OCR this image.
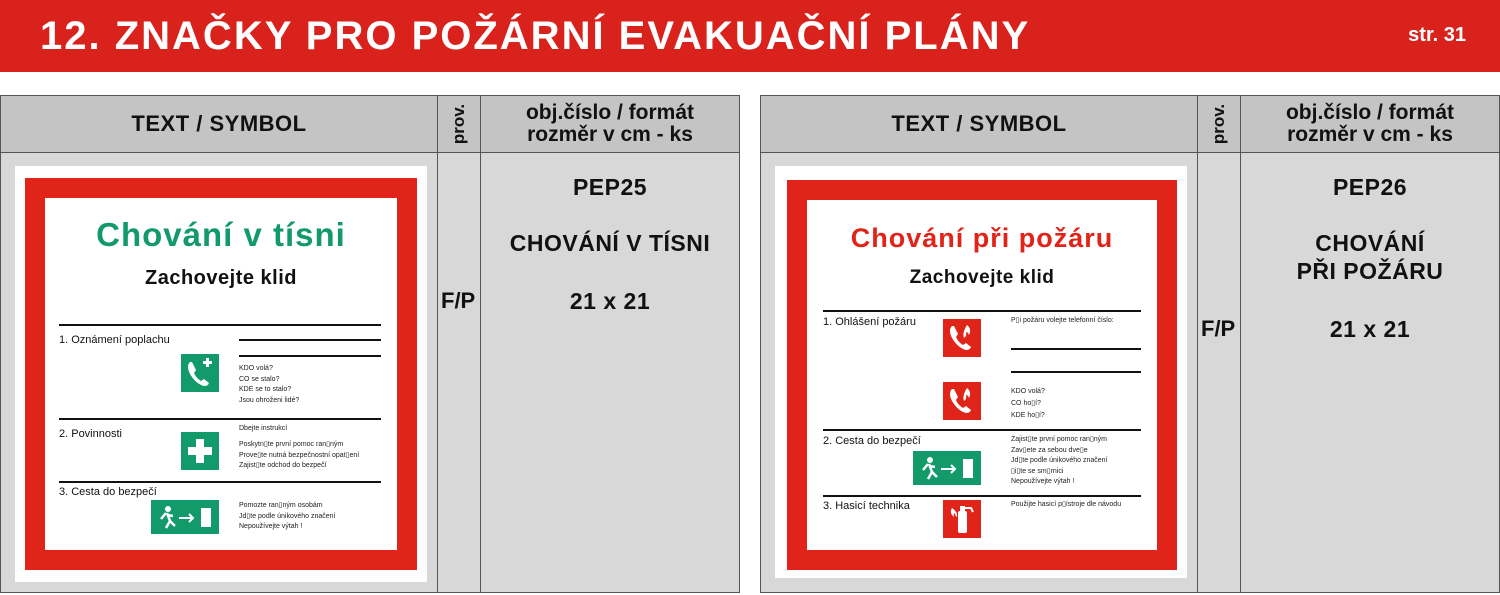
12. ZNAČKY PRO POŽÁRNÍ EVAKUAČNÍ PLÁNY	str. 31
TEXT / SYMBOL	prov.	obj.číslo / formát
rozměr v cm - ks
PEP25
CHOVÁNÍ V TÍSNI
21 x 21
F/P
Chování v tísni
Zachovejte klid
1. Oznámení poplachu
KDO volá?
CO se stalo?
KDE se to stalo?
Jsou ohroženi lidé?
2. Povinnosti	Dbejte instrukcí
Poskytn▯te první pomoc ran▯ným
Prove▯te nutná bezpečnostní opat▯ení
Zajist▯te odchod do bezpečí
3. Cesta do bezpečí
Pomozte ran▯ným osobám
Jd▯te podle únikového značení
Nepoužívejte výtah !
TEXT / SYMBOL	prov.	obj.číslo / formát
rozměr v cm - ks
PEP26
CHOVÁNÍ
PŘI POŽÁRU
21 x 21
F/P
Chování při požáru
Zachovejte klid
1. Ohlášení požáru	P▯i požáru volejte telefonní číslo:
KDO volá?
CO ho▯í?
KDE ho▯í?
2. Cesta do bezpečí	Zajist▯te první pomoc ran▯ným
Zav▯ete za sebou dve▯e
Jd▯te podle únikového značení
▯i▯te se sm▯rnici
Nepoužívejte výtah !
3. Hasicí technika	Použijte hasicí p▯ístroje dle návodu
